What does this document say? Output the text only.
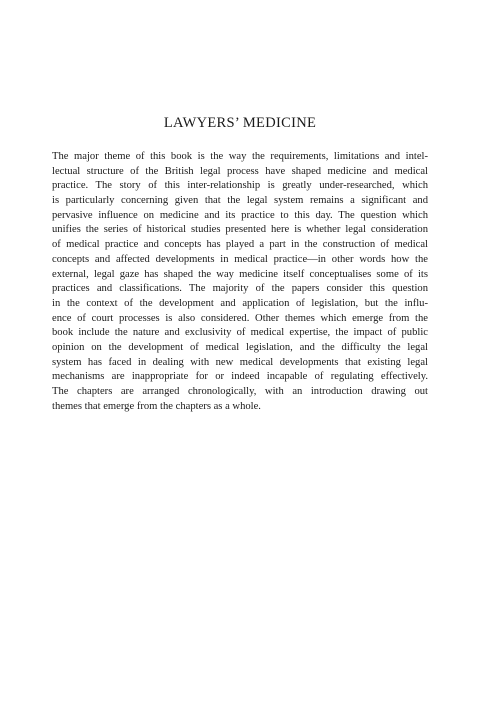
LAWYERS’ MEDICINE
The major theme of this book is the way the requirements, limitations and intel-
lectual structure of the British legal process have shaped medicine and medical
practice. The story of this inter-relationship is greatly under-researched, which
is particularly concerning given that the legal system remains a significant and
pervasive influence on medicine and its practice to this day. The question which
unifies the series of historical studies presented here is whether legal consideration
of medical practice and concepts has played a part in the construction of medical
concepts and affected developments in medical practice—in other words how the
external, legal gaze has shaped the way medicine itself conceptualises some of its
practices and classifications. The majority of the papers consider this question
in the context of the development and application of legislation, but the influ-
ence of court processes is also considered. Other themes which emerge from the
book include the nature and exclusivity of medical expertise, the impact of public
opinion on the development of medical legislation, and the difficulty the legal
system has faced in dealing with new medical developments that existing legal
mechanisms are inappropriate for or indeed incapable of regulating effectively.
The chapters are arranged chronologically, with an introduction drawing out
themes that emerge from the chapters as a whole.
